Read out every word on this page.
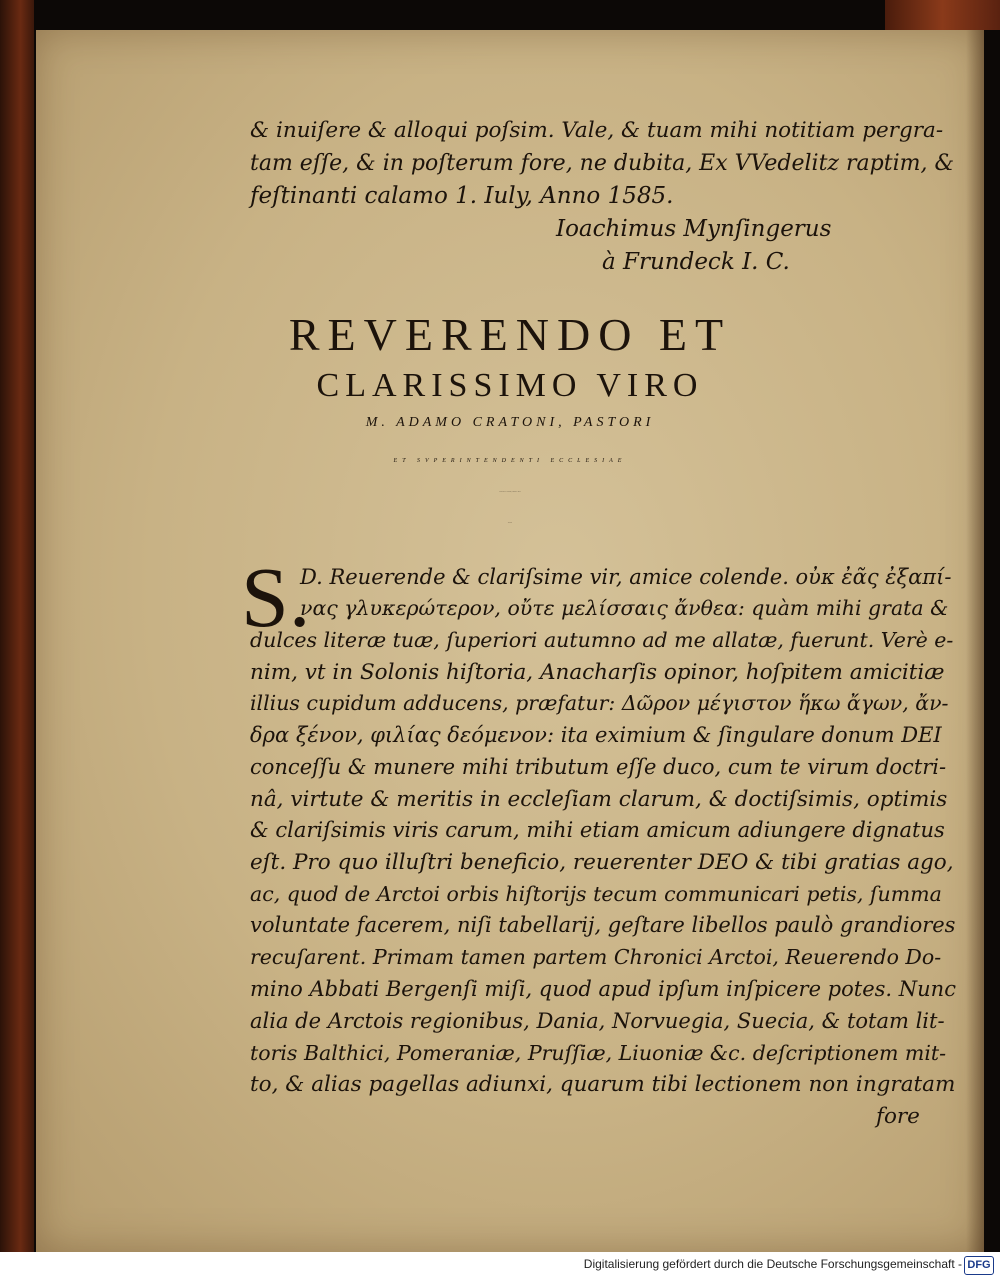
& inuiſere & alloqui poſsim. Vale, & tuam mihi notitiam pergra-

tam eſſe, & in poſterum fore, ne dubita, Ex VVedelitz raptim, &

feſtinanti calamo 1. Iuly, Anno 1585.

Ioachimus Mynſingerus

à Frundeck I. C.

REVERENDO ET

CLARISSIMO VIRO

M. ADAMO CRATONI, PASTORI

ET SVPERINTENDENTI ECCLESIAE

Coalbenſis & Vicinarum, Domino & amico

colendo.

S.

D. Reuerende & clariſsime vir, amice colende. οὐκ ἐᾶς ἐξαπί-

νας γλυκερώτερον, οὔτε μελίσσαις ἄνθεα: quàm mihi grata &

dulces literæ tuæ, ſuperiori autumno ad me allatæ, fuerunt. Verè e-

nim, vt in Solonis hiſtoria, Anacharſis opinor, hoſpitem amicitiæ

illius cupidum adducens, præfatur: Δῶρον μέγιστον ἥκω ἄγων, ἄν-

δρα ξένον, φιλίας δεόμενον: ita eximium & ſingulare donum DEI

conceſſu & munere mihi tributum eſſe duco, cum te virum doctri-

nâ, virtute & meritis in eccleſiam clarum, & doctiſsimis, optimis

& clariſsimis viris carum, mihi etiam amicum adiungere dignatus

eſt. Pro quo illuſtri beneficio, reuerenter DEO & tibi gratias ago,

ac, quod de Arctoi orbis hiſtorijs tecum communicari petis, ſumma

voluntate facerem, niſi tabellarij, geſtare libellos paulò grandiores

recuſarent. Primam tamen partem Chronici Arctoi, Reuerendo Do-

mino Abbati Bergenſi miſi, quod apud ipſum inſpicere potes. Nunc

alia de Arctois regionibus, Dania, Norvuegia, Suecia, & totam lit-

toris Balthici, Pomeraniæ, Pruſſiæ, Liuoniæ &c. deſcriptionem mit-

to, & alias pagellas adiunxi, quarum tibi lectionem non ingratam

fore

Digitalisierung gefördert durch die Deutsche Forschungsgemeinschaft - DFG
